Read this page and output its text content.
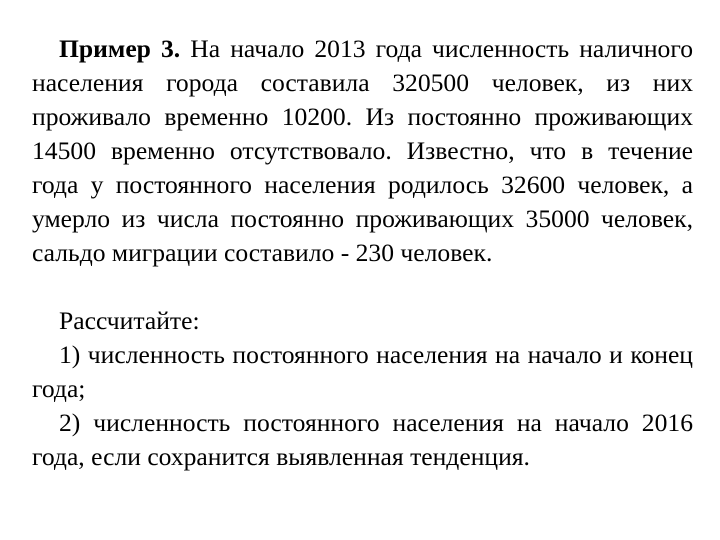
Пример 3. На начало 2013 года численность наличного населения города составила 320500 человек, из них проживало временно 10200. Из постоянно проживающих 14500 временно отсутствовало. Известно, что в течение года у постоянного населения родилось 32600 человек, а умерло из числа постоянно проживающих 35000 человек, сальдо миграции составило - 230 человек.

Рассчитайте:

1) численность постоянного населения на начало и конец года;

2) численность постоянного населения на начало 2016 года, если сохранится выявленная тенденция.
